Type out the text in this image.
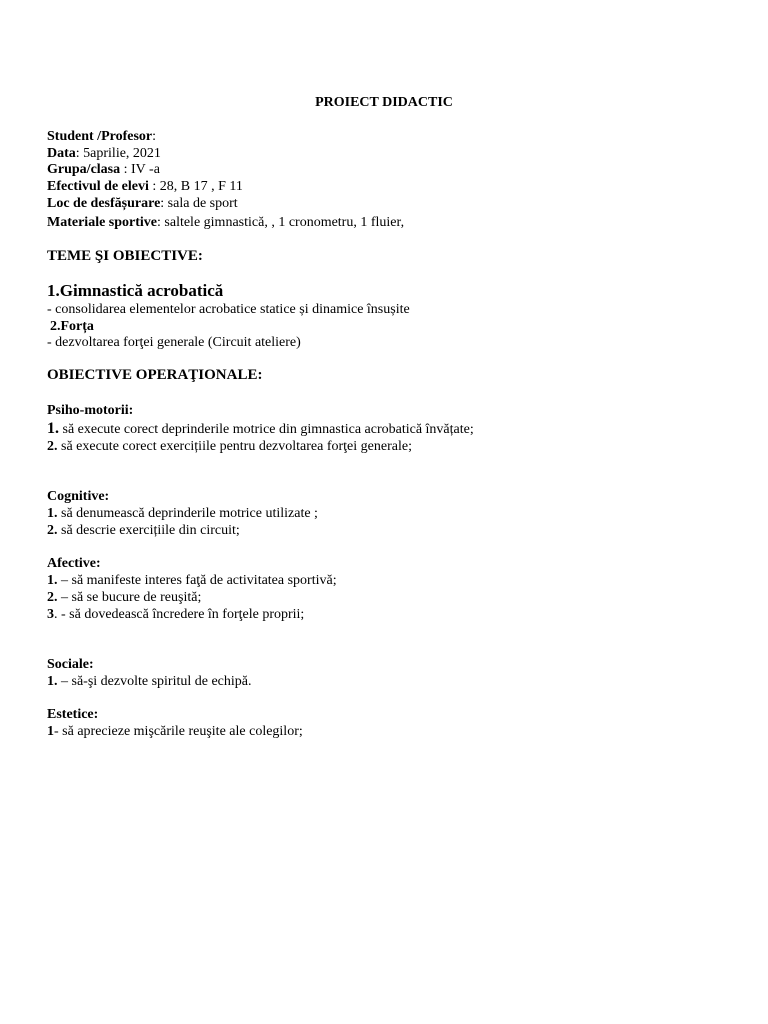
PROIECT DIDACTIC
Student /Profesor:
Data: 5aprilie, 2021
Grupa/clasa : IV -a
Efectivul de elevi : 28, B 17 , F 11
Loc de desfășurare: sala de sport
Materiale sportive: saltele gimnastică, , 1 cronometru, 1 fluier,
TEME ŞI OBIECTIVE:
1.Gimnastică acrobatică
- consolidarea elementelor acrobatice statice și dinamice însușite
2.Forța
- dezvoltarea forţei generale (Circuit ateliere)
OBIECTIVE OPERAŢIONALE:
Psiho-motorii:
1. să execute corect deprinderile motrice din gimnastica acrobatică învățate;
2. să execute corect exercițiile pentru dezvoltarea forţei generale;
Cognitive:
1. să denumească deprinderile motrice utilizate ;
2. să descrie exercițiile din circuit;
Afective:
1. – să manifeste interes faţă de activitatea sportivă;
2. – să se bucure de reuşită;
3. - să dovedească încredere în forţele proprii;
Sociale:
1. – să-şi dezvolte spiritul de echipă.
Estetice:
1- să aprecieze mişcările reuşite ale colegilor;
